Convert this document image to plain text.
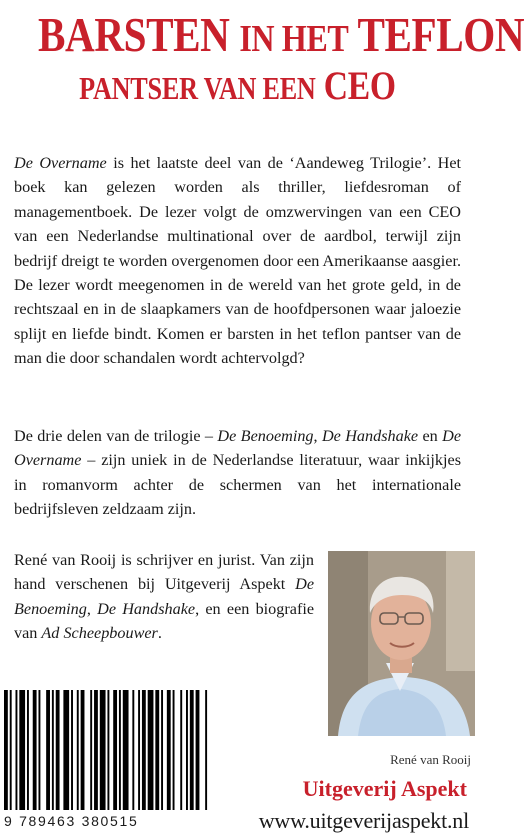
BARSTEN IN HET TEFLON
PANTSER VAN EEN CEO

De Overname is het laatste deel van de ‘Aandeweg Trilogie’. Het boek kan gelezen worden als thriller, liefdesroman of managementboek. De lezer volgt de omzwervingen van een CEO van een Nederlandse multinational over de aardbol, terwijl zijn bedrijf dreigt te worden overgenomen door een Amerikaanse aasgier. De lezer wordt meegenomen in de wereld van het grote geld, in de rechtszaal en in de slaapkamers van de hoofdpersonen waar jaloezie splijt en liefde bindt. Komen er barsten in het teflon pantser van de man die door schandalen wordt achtervolgd?

De drie delen van de trilogie – De Benoeming, De Handshake en De Overname – zijn uniek in de Nederlandse literatuur, waar inkijkjes in romanvorm achter de schermen van het internationale bedrijfsleven zeldzaam zijn.

René van Rooij is schrijver en jurist. Van zijn hand verschenen bij Uitgeverij Aspekt De Benoeming, De Handshake, en een biografie van Ad Scheepbouwer.

René van Rooij
9 789463 380515
Uitgeverij Aspekt
www.uitgeverijaspekt.nl
